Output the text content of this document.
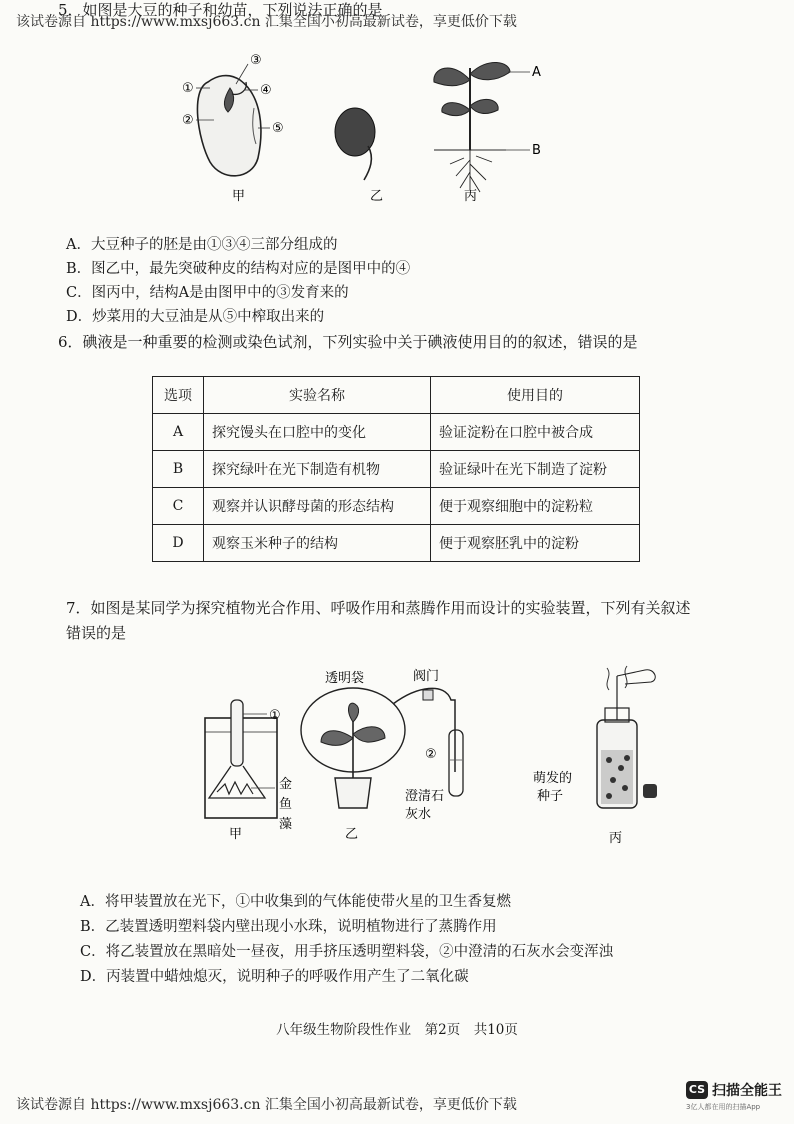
该试卷源自 https://www.mxsj663.cn 汇集全国小初高最新试卷，享更低价下载
5．如图是大豆的种子和幼苗，下列说法正确的是
③
①	④
②
⑤
甲	乙
A
B
丙
A．大豆种子的胚是由①③④三部分组成的
B．图乙中，最先突破种皮的结构对应的是图甲中的④
C．图丙中，结构A是由图甲中的③发育来的
D．炒菜用的大豆油是从⑤中榨取出来的
6．碘液是一种重要的检测或染色试剂，下列实验中关于碘液使用目的的叙述，错误的是
选项	实验名称	使用目的
A	探究馒头在口腔中的变化	验证淀粉在口腔中被合成
B	探究绿叶在光下制造有机物	验证绿叶在光下制造了淀粉
C	观察并认识酵母菌的形态结构	便于观察细胞中的淀粉粒
D	观察玉米种子的结构	便于观察胚乳中的淀粉
7．如图是某同学为探究植物光合作用、呼吸作用和蒸腾作用而设计的实验装置，下列有关叙述
错误的是
①
金
鱼
藻
甲
透明袋	阀门
②
澄清石
灰水
乙
萌发的
种子
丙
A．将甲装置放在光下，①中收集到的气体能使带火星的卫生香复燃
B．乙装置透明塑料袋内壁出现小水珠，说明植物进行了蒸腾作用
C．将乙装置放在黑暗处一昼夜，用手挤压透明塑料袋，②中澄清的石灰水会变浑浊
D．丙装置中蜡烛熄灭，说明种子的呼吸作用产生了二氧化碳
八年级生物阶段性作业　第2页　共10页
该试卷源自 https://www.mxsj663.cn 汇集全国小初高最新试卷，享更低价下载
CS 扫描全能王
3亿人都在用的扫描App
